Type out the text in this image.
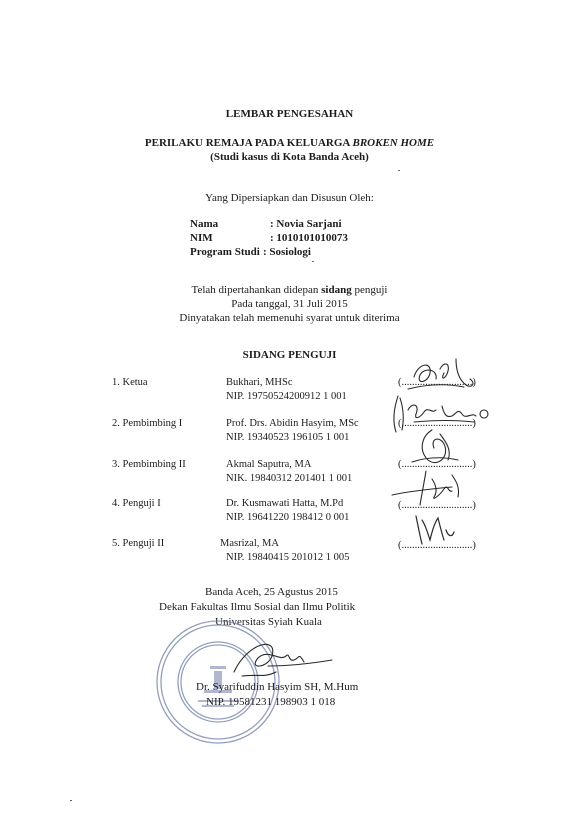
LEMBAR PENGESAHAN
PERILAKU REMAJA PADA KELUARGA BROKEN HOME
(Studi kasus di Kota Banda Aceh)
Yang Dipersiapkan dan Disusun Oleh:
Nama	: Novia Sarjani
NIM	: 1010101010073
Program Studi : Sosiologi
Telah dipertahankan didepan sidang penguji
Pada tanggal, 31 Juli 2015
Dinyatakan telah memenuhi syarat untuk diterima
SIDANG PENGUJI
1. Ketua	Bukhari, MHSc
NIP. 19750524200912 1 001
(...........................)
2. Pembimbing I	Prof. Drs. Abidin Hasyim, MSc
NIP. 19340523 196105 1 001
(...........................)
3. Pembimbing II	Akmal Saputra, MA
NIK. 19840312 201401 1 001
(...........................)
4. Penguji I	Dr. Kusmawati Hatta, M.Pd
NIP. 19641220 198412 0 001
(...........................)
5. Penguji II	Masrizal, MA
NIP. 19840415 201012 1 005
(...........................)
Banda Aceh, 25 Agustus 2015
Dekan Fakultas Ilmu Sosial dan Ilmu Politik
Universitas Syiah Kuala
Dr. Syarifuddin Hasyim SH, M.Hum
NIP. 19581231 198903 1 018
